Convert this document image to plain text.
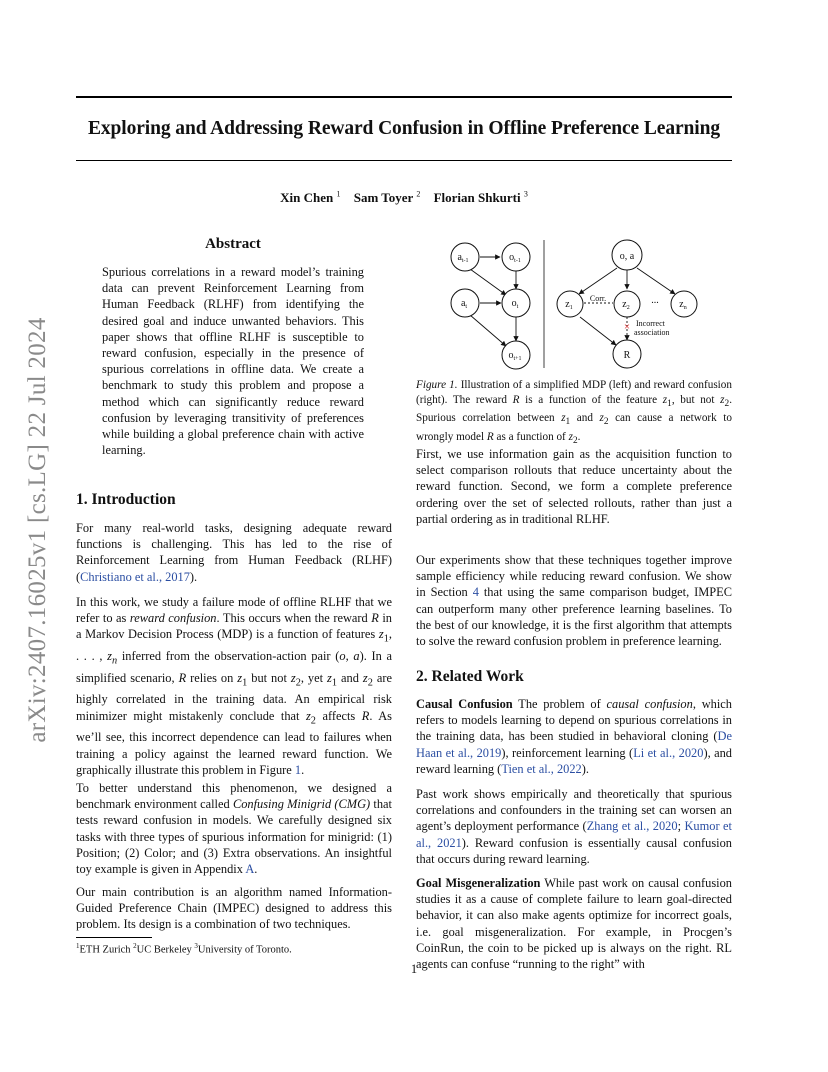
arXiv:2407.16025v1 [cs.LG] 22 Jul 2024
Exploring and Addressing Reward Confusion in Offline Preference Learning
Xin Chen $^1$ Sam Toyer $^2$ Florian Shkurti $^3$
Abstract
Spurious correlations in a reward model’s training data can prevent Reinforcement Learning from Human Feedback (RLHF) from identifying the desired goal and induce unwanted behaviors. This paper shows that offline RLHF is susceptible to reward confusion, especially in the presence of spurious correlations in offline data. We create a benchmark to study this problem and propose a method which can significantly reduce reward confusion by leveraging transitivity of preferences while building a global preference chain with active learning.
1. Introduction

For many real-world tasks, designing adequate reward functions is challenging. This has led to the rise of Reinforcement Learning from Human Feedback (RLHF) (Christiano et al., 2017).

In this work, we study a failure mode of offline RLHF that we refer to as reward confusion. This occurs when the reward R in a Markov Decision Process (MDP) is a function of features $z_1$, . . . , $z_n$ inferred from the observation-action pair (o, a). In a simplified scenario, R relies on $z_1$ but not $z_2$, yet $z_1$ and $z_2$ are highly correlated in the training data. An empirical risk minimizer might mistakenly conclude that $z_2$ affects R. As we’ll see, this incorrect dependence can lead to failures when training a policy against the learned reward function. We graphically illustrate this problem in Figure 1.

To better understand this phenomenon, we designed a benchmark environment called Confusing Minigrid (CMG) that tests reward confusion in models. We carefully designed six tasks with three types of spurious information for minigrid: (1) Position; (2) Color; and (3) Extra observations. An insightful toy example is given in Appendix A.

Our main contribution is an algorithm named Information-Guided Preference Chain (IMPEC) designed to address this problem. Its design is a combination of two techniques.

$^1$ETH Zurich $^2$UC Berkeley $^3$University of Toronto.
$a_{t-1}$	$o_{t-1}$
$a_t$	$o_t$
$o_{t+1}$
o, a
$z_1$	$z_2$	$z_n$
R
...
Corr.
× Incorrect
association
Figure 1. Illustration of a simplified MDP (left) and reward confusion (right). The reward R is a function of the feature $z_1$, but not $z_2$. Spurious correlation between $z_1$ and $z_2$ can cause a network to wrongly model R as a function of $z_2$.

First, we use information gain as the acquisition function to select comparison rollouts that reduce uncertainty about the reward function. Second, we form a complete preference ordering over the set of selected rollouts, rather than just a partial ordering as in traditional RLHF.

Our experiments show that these techniques together improve sample efficiency while reducing reward confusion. We show in Section 4 that using the same comparison budget, IMPEC can outperform many other preference learning baselines. To the best of our knowledge, it is the first algorithm that attempts to solve the reward confusion problem in preference learning.

2. Related Work

Causal Confusion The problem of causal confusion, which refers to models learning to depend on spurious correlations in the training data, has been studied in behavioral cloning (De Haan et al., 2019), reinforcement learning (Li et al., 2020), and reward learning (Tien et al., 2022).

Past work shows empirically and theoretically that spurious correlations and confounders in the training set can worsen an agent’s deployment performance (Zhang et al., 2020; Kumor et al., 2021). Reward confusion is essentially causal confusion that occurs during reward learning.

Goal Misgeneralization While past work on causal confusion studies it as a cause of complete failure to learn goal-directed behavior, it can also make agents optimize for incorrect goals, i.e. goal misgeneralization. For example, in Procgen’s CoinRun, the coin to be picked up is always on the right. RL agents can confuse “running to the right” with

1
